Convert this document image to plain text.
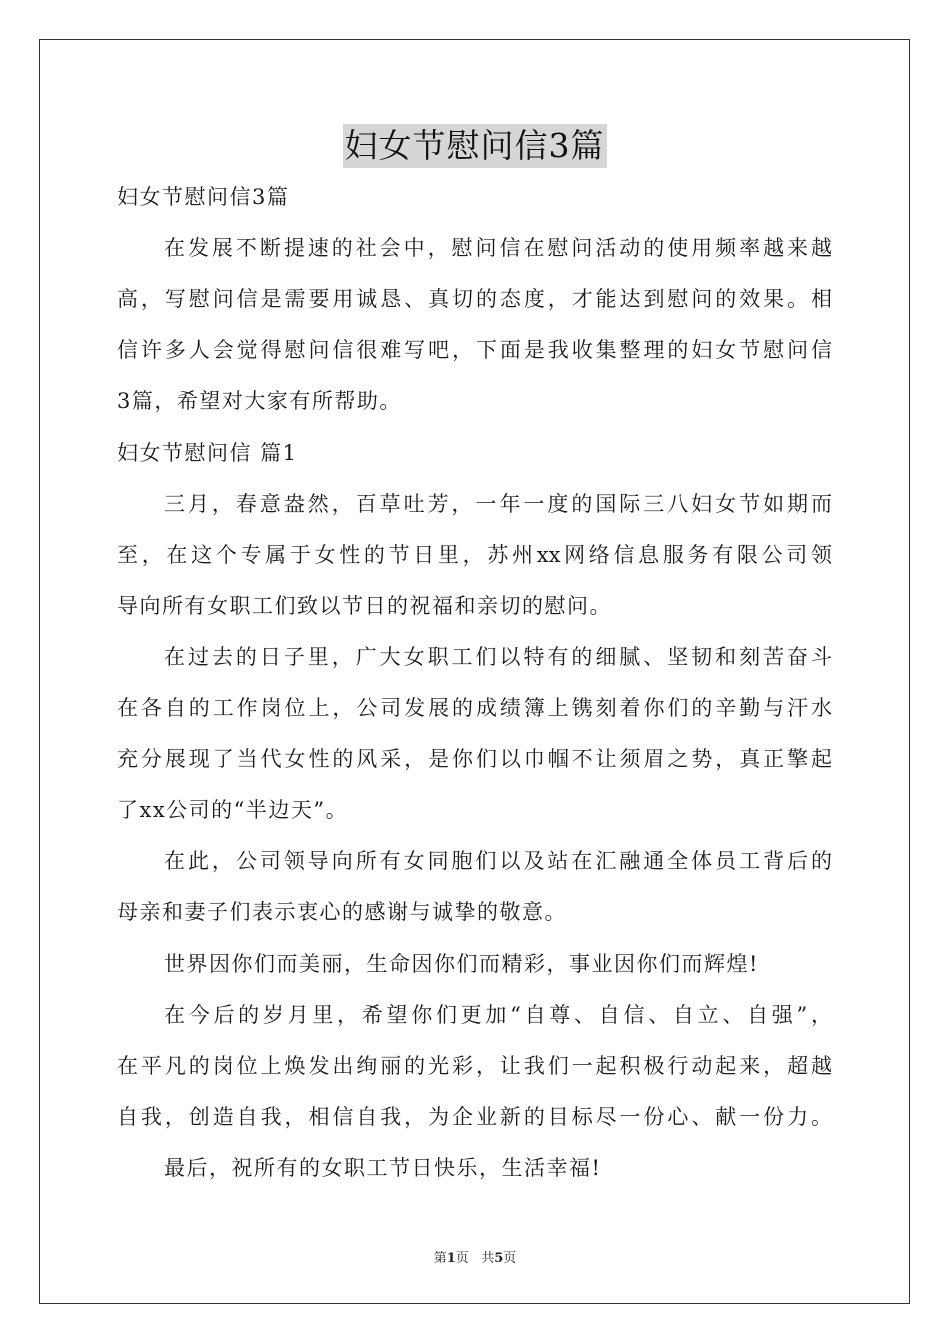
妇女节慰问信3篇
妇女节慰问信3篇
在发展不断提速的社会中，慰问信在慰问活动的使用频率越来越
高，写慰问信是需要用诚恳、真切的态度，才能达到慰问的效果。相
信许多人会觉得慰问信很难写吧，下面是我收集整理的妇女节慰问信
3篇，希望对大家有所帮助。
妇女节慰问信 篇1
三月，春意盎然，百草吐芳，一年一度的国际三八妇女节如期而
至，在这个专属于女性的节日里，苏州xx网络信息服务有限公司领
导向所有女职工们致以节日的祝福和亲切的慰问。
在过去的日子里，广大女职工们以特有的细腻、坚韧和刻苦奋斗
在各自的工作岗位上，公司发展的成绩簿上镌刻着你们的辛勤与汗水
充分展现了当代女性的风采，是你们以巾帼不让须眉之势，真正擎起
了xx公司的“半边天”。
在此，公司领导向所有女同胞们以及站在汇融通全体员工背后的
母亲和妻子们表示衷心的感谢与诚挚的敬意。
世界因你们而美丽，生命因你们而精彩，事业因你们而辉煌!
在今后的岁月里，希望你们更加“自尊、自信、自立、自强”，
在平凡的岗位上焕发出绚丽的光彩，让我们一起积极行动起来，超越
自我，创造自我，相信自我，为企业新的目标尽一份心、献一份力。
最后，祝所有的女职工节日快乐，生活幸福!
第1页 共5页
